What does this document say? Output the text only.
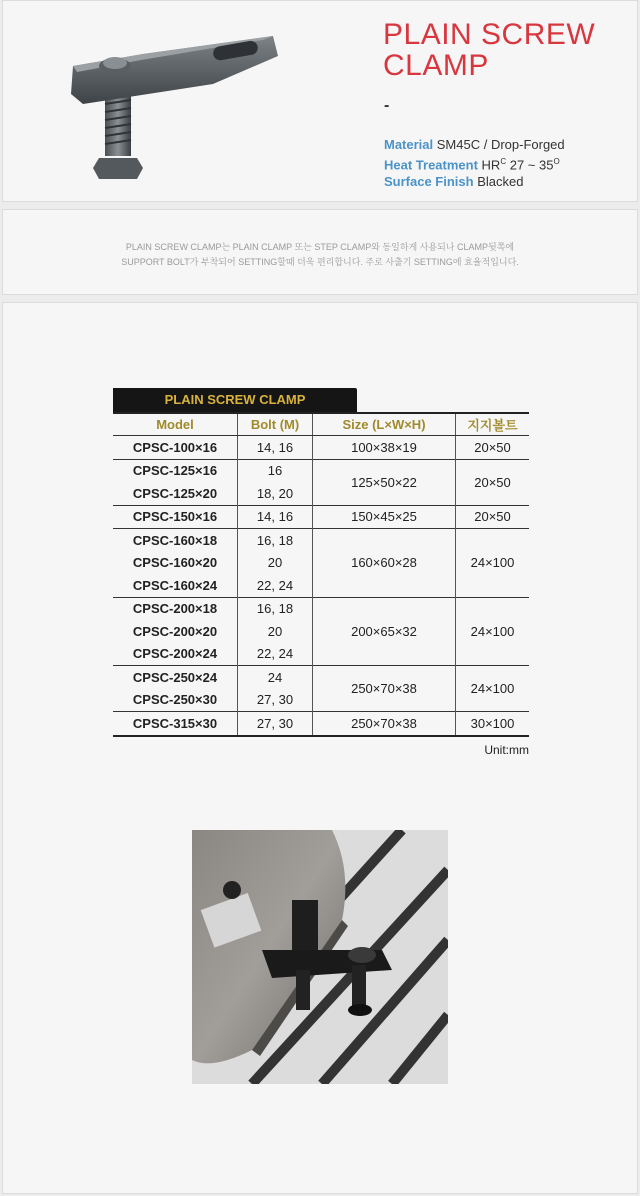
PLAIN SCREW
CLAMP
-
Material SM45C / Drop-Forged
Heat Treatment $HR^C$ 27 ~ $35^O$
Surface Finish Blacked
PLAIN SCREW CLAMP는 PLAIN CLAMP 또는 STEP CLAMP와 동일하게 사용되나 CLAMP뒷쪽에
SUPPORT BOLT가 부착되어 SETTING할때 더욱 편리합니다. 주로 사출기 SETTING에 효율적입니다.
PLAIN SCREW CLAMP
Model	Bolt (M)	Size (L×W×H)	지지볼트
CPSC-100×16	14, 16	100×38×19	20×50
CPSC-125×16	16	125×50×22	20×50
CPSC-125×20	18, 20		
CPSC-150×16	14, 16	150×45×25	20×50
CPSC-160×18	16, 18	160×60×28	24×100
CPSC-160×20	20		
CPSC-160×24	22, 24		
CPSC-200×18	16, 18	200×65×32	24×100
CPSC-200×20	20		
CPSC-200×24	22, 24		
CPSC-250×24	24	250×70×38	24×100
CPSC-250×30	27, 30		
CPSC-315×30	27, 30	250×70×38	30×100
Unit:mm
